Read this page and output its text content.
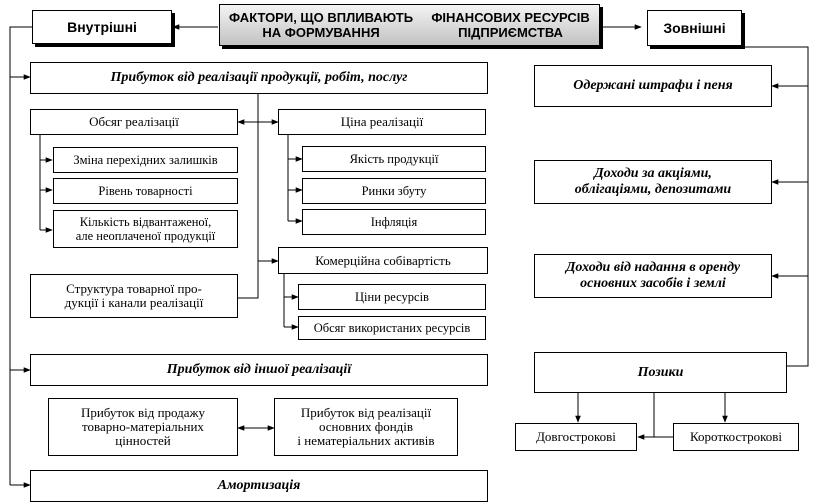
ФАКТОРИ, ЩО ВПЛИВАЮТЬ НА ФОРМУВАННЯ

ФІНАНСОВИХ РЕСУРСІВ ПІДПРИЄМСТВА
Внутрішні	Зовнішні
Прибуток від реалізації продукції, робіт, послуг
Обсяг реалізації
Зміна перехідних залишків
Рівень товарності
Кількість відвантаженої,
але неоплаченої продукції
Ціна реалізації
Якість продукції
Ринки збуту
Інфляція
Структура товарної про-
дукції і канали реалізації
Комерційна собівартість
Ціни ресурсів
Обсяг використаних ресурсів
Прибуток від іншої реалізації
Прибуток від продажу
товарно-матеріальних
цінностей
Прибуток від реалізації
основних фондів
і нематеріальних активів
Амортизація
Одержані штрафи і пеня
Доходи за акціями,
облігаціями, депозитами
Доходи від надання в оренду
основних засобів і землі
Позики
Довгострокові	Короткострокові
